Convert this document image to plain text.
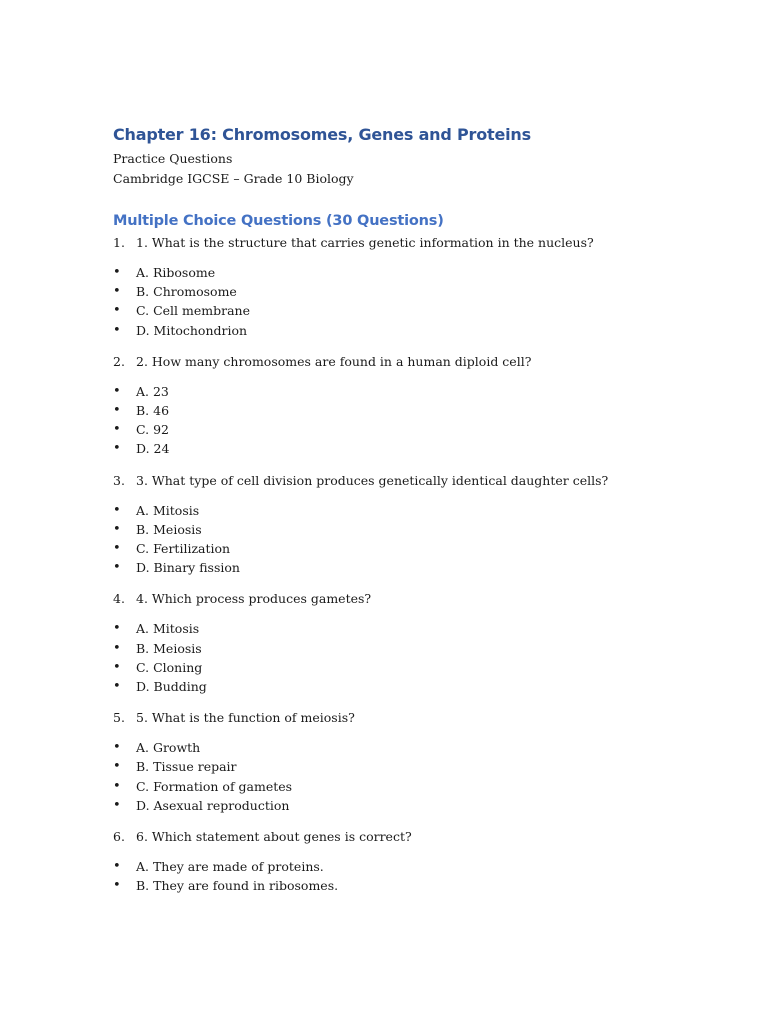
Chapter 16: Chromosomes, Genes and Proteins

Practice Questions

Cambridge IGCSE – Grade 10 Biology

Multiple Choice Questions (30 Questions)
1. 1. What is the structure that carries genetic information in the nucleus?
•	A. Ribosome
•	B. Chromosome
•	C. Cell membrane
•	D. Mitochondrion
2. 2. How many chromosomes are found in a human diploid cell?
•	A. 23
•	B. 46
•	C. 92
•	D. 24
3. 3. What type of cell division produces genetically identical daughter cells?
•	A. Mitosis
•	B. Meiosis
•	C. Fertilization
•	D. Binary fission
4. 4. Which process produces gametes?
•	A. Mitosis
•	B. Meiosis
•	C. Cloning
•	D. Budding
5. 5. What is the function of meiosis?
•	A. Growth
•	B. Tissue repair
•	C. Formation of gametes
•	D. Asexual reproduction
6. 6. Which statement about genes is correct?
•	A. They are made of proteins.
•	B. They are found in ribosomes.
